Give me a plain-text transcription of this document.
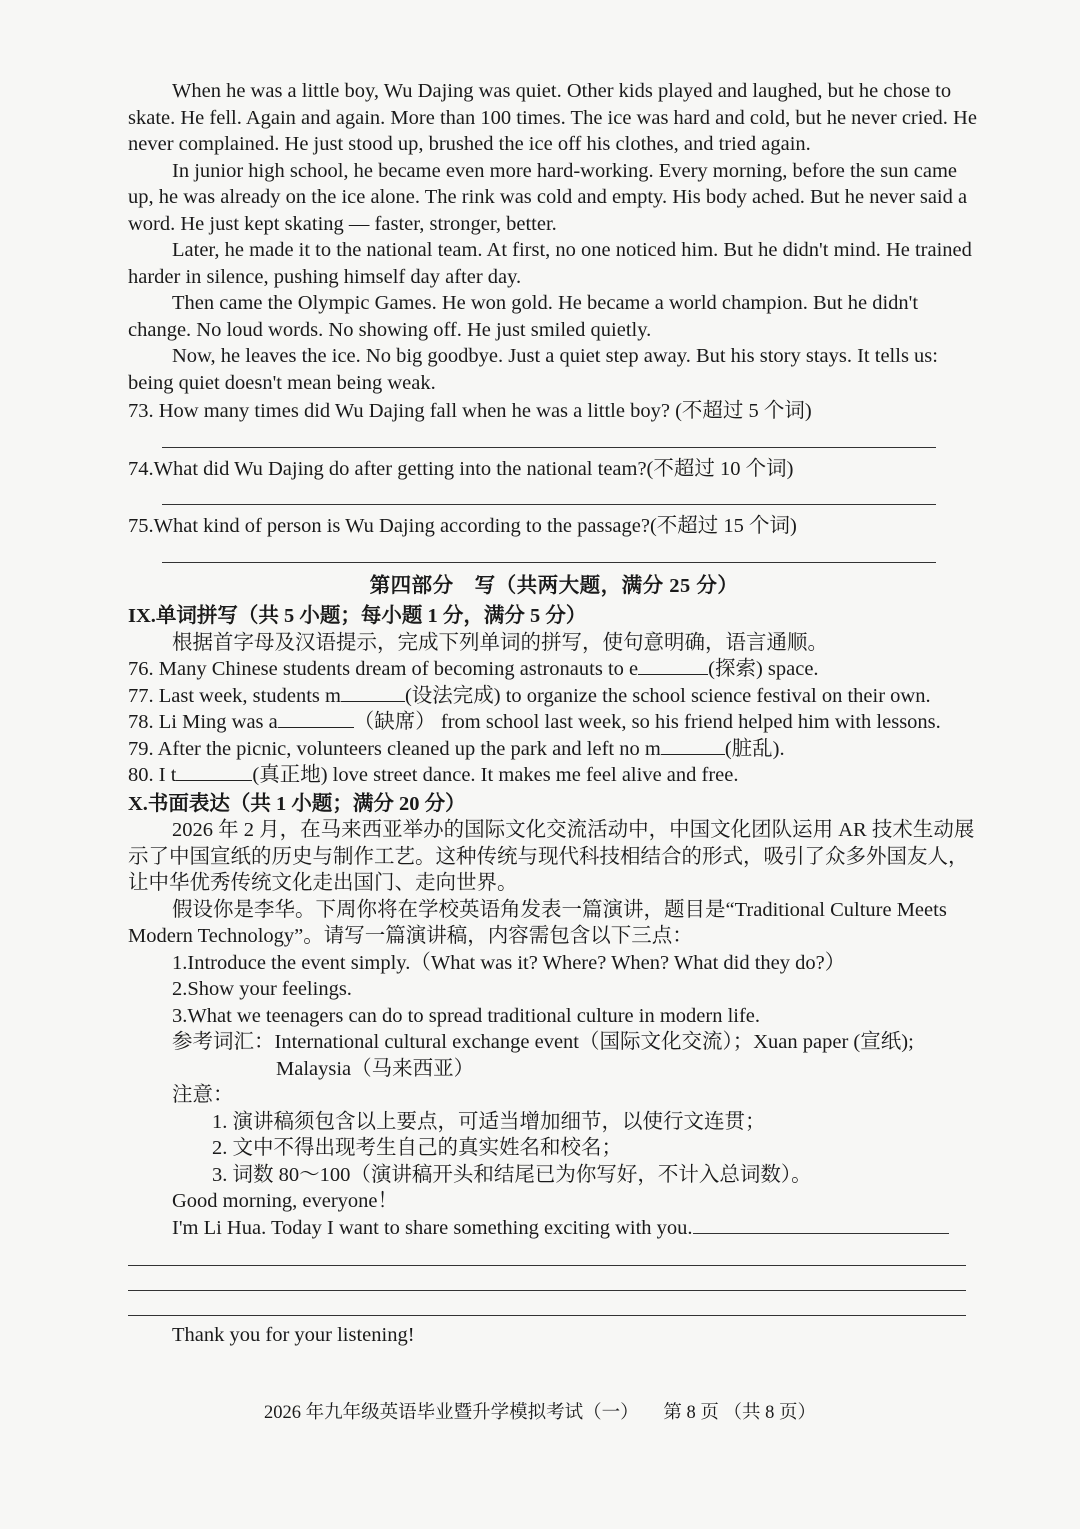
When he was a little boy, Wu Dajing was quiet. Other kids played and laughed, but he chose to skate. He fell. Again and again. More than 100 times. The ice was hard and cold, but he never cried. He never complained. He just stood up, brushed the ice off his clothes, and tried again.

In junior high school, he became even more hard-working. Every morning, before the sun came up, he was already on the ice alone. The rink was cold and empty. His body ached. But he never said a word. He just kept skating — faster, stronger, better.

Later, he made it to the national team. At first, no one noticed him. But he didn't mind. He trained harder in silence, pushing himself day after day.

Then came the Olympic Games. He won gold. He became a world champion. But he didn't change. No loud words. No showing off. He just smiled quietly.

Now, he leaves the ice. No big goodbye. Just a quiet step away. But his story stays. It tells us: being quiet doesn't mean being weak.

73. How many times did Wu Dajing fall when he was a little boy? (不超过 5 个词)

74.What did Wu Dajing do after getting into the national team?(不超过 10 个词)

75.What kind of person is Wu Dajing according to the passage?(不超过 15 个词)

第四部分　写（共两大题，满分 25 分）

IX.单词拼写（共 5 小题；每小题 1 分，满分 5 分）

根据首字母及汉语提示，完成下列单词的拼写，使句意明确，语言通顺。

76. Many Chinese students dream of becoming astronauts to e	(探索) space.

77. Last week, students m	(设法完成) to organize the school science festival on their own.

78. Li Ming was a	（缺席） from school last week, so his friend helped him with lessons.

79. After the picnic, volunteers cleaned up the park and left no m	(脏乱).

80. I t	(真正地) love street dance. It makes me feel alive and free.

X.书面表达（共 1 小题；满分 20 分）

2026 年 2 月，在马来西亚举办的国际文化交流活动中，中国文化团队运用 AR 技术生动展示了中国宣纸的历史与制作工艺。这种传统与现代科技相结合的形式，吸引了众多外国友人，让中华优秀传统文化走出国门、走向世界。

假设你是李华。下周你将在学校英语角发表一篇演讲，题目是“Traditional Culture Meets Modern Technology”。请写一篇演讲稿，内容需包含以下三点：

1.Introduce the event simply.（What was it? Where? When? What did they do?）

2.Show your feelings.

3.What we teenagers can do to spread traditional culture in modern life.

参考词汇：International cultural exchange event（国际文化交流）；Xuan paper (宣纸);

Malaysia（马来西亚）

注意：

1. 演讲稿须包含以上要点，可适当增加细节，以使行文连贯；

2. 文中不得出现考生自己的真实姓名和校名；

3. 词数 80～100（演讲稿开头和结尾已为你写好，不计入总词数）。

Good morning, everyone！

I'm Li Hua. Today I want to share something exciting with you.

Thank you for your listening!

2026 年九年级英语毕业暨升学模拟考试（一） 第 8 页 （共 8 页）
